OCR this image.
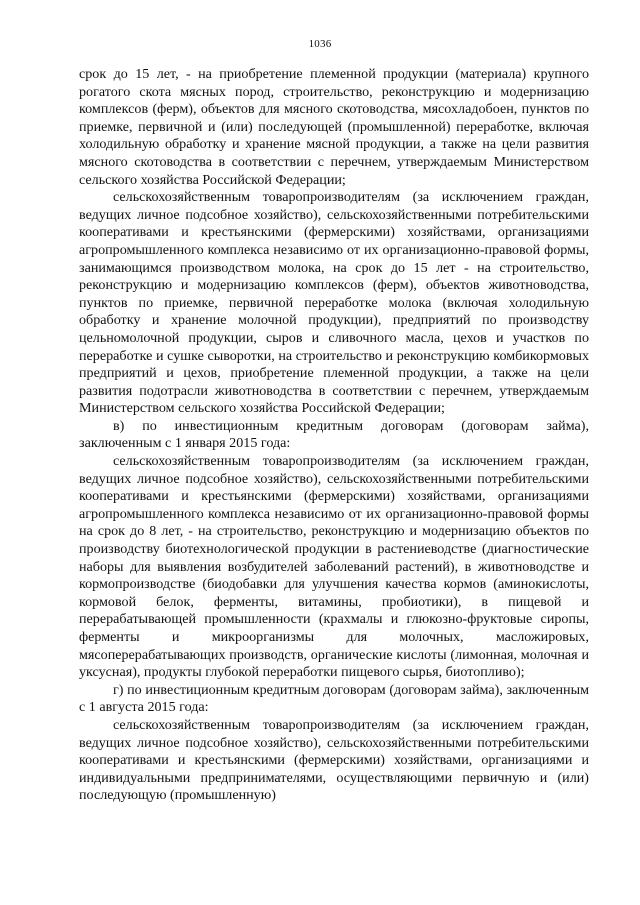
1036

срок до 15 лет, - на приобретение племенной продукции (материала) крупного рогатого скота мясных пород, строительство, реконструкцию и модернизацию комплексов (ферм), объектов для мясного скотоводства, мясохладобоен, пунктов по приемке, первичной и (или) последующей (промышленной) переработке, включая холодильную обработку и хранение мясной продукции, а также на цели развития мясного скотоводства в соответствии с перечнем, утверждаемым Министерством сельского хозяйства Российской Федерации;

сельскохозяйственным товаропроизводителям (за исключением граждан, ведущих личное подсобное хозяйство), сельскохозяйственными потребительскими кооперативами и крестьянскими (фермерскими) хозяйствами, организациями агропромышленного комплекса независимо от их организационно-правовой формы, занимающимся производством молока, на срок до 15 лет - на строительство, реконструкцию и модернизацию комплексов (ферм), объектов животноводства, пунктов по приемке, первичной переработке молока (включая холодильную обработку и хранение молочной продукции), предприятий по производству цельномолочной продукции, сыров и сливочного масла, цехов и участков по переработке и сушке сыворотки, на строительство и реконструкцию комбикормовых предприятий и цехов, приобретение племенной продукции, а также на цели развития подотрасли животноводства в соответствии с перечнем, утверждаемым Министерством сельского хозяйства Российской Федерации;

в) по инвестиционным кредитным договорам (договорам займа), заключенным с 1 января 2015 года:

сельскохозяйственным товаропроизводителям (за исключением граждан, ведущих личное подсобное хозяйство), сельскохозяйственными потребительскими кооперативами и крестьянскими (фермерскими) хозяйствами, организациями агропромышленного комплекса независимо от их организационно-правовой формы на срок до 8 лет, - на строительство, реконструкцию и модернизацию объектов по производству биотехнологической продукции в растениеводстве (диагностические наборы для выявления возбудителей заболеваний растений), в животноводстве и кормопроизводстве (биодобавки для улучшения качества кормов (аминокислоты, кормовой белок, ферменты, витамины, пробиотики), в пищевой и перерабатывающей промышленности (крахмалы и глюкозно-фруктовые сиропы, ферменты и микроорганизмы для молочных, масложировых, мясоперерабатывающих производств, органические кислоты (лимонная, молочная и уксусная), продукты глубокой переработки пищевого сырья, биотопливо);

г) по инвестиционным кредитным договорам (договорам займа), заключенным с 1 августа 2015 года:

сельскохозяйственным товаропроизводителям (за исключением граждан, ведущих личное подсобное хозяйство), сельскохозяйственными потребительскими кооперативами и крестьянскими (фермерскими) хозяйствами, организациями и индивидуальными предпринимателями, осуществляющими первичную и (или) последующую (промышленную)
